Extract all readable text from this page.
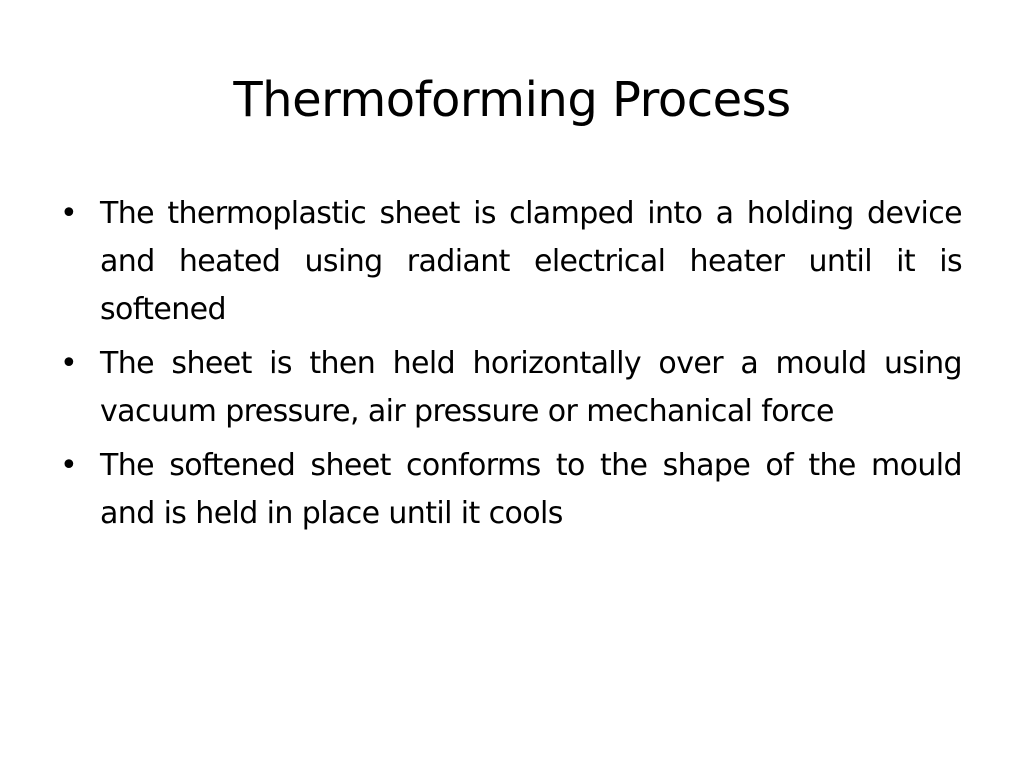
Thermoforming Process
• The thermoplastic sheet is clamped into a holding device and heated using radiant electrical heater until it is softened
• The sheet is then held horizontally over a mould using vacuum pressure, air pressure or mechanical force
• The softened sheet conforms to the shape of the mould and is held in place until it cools
